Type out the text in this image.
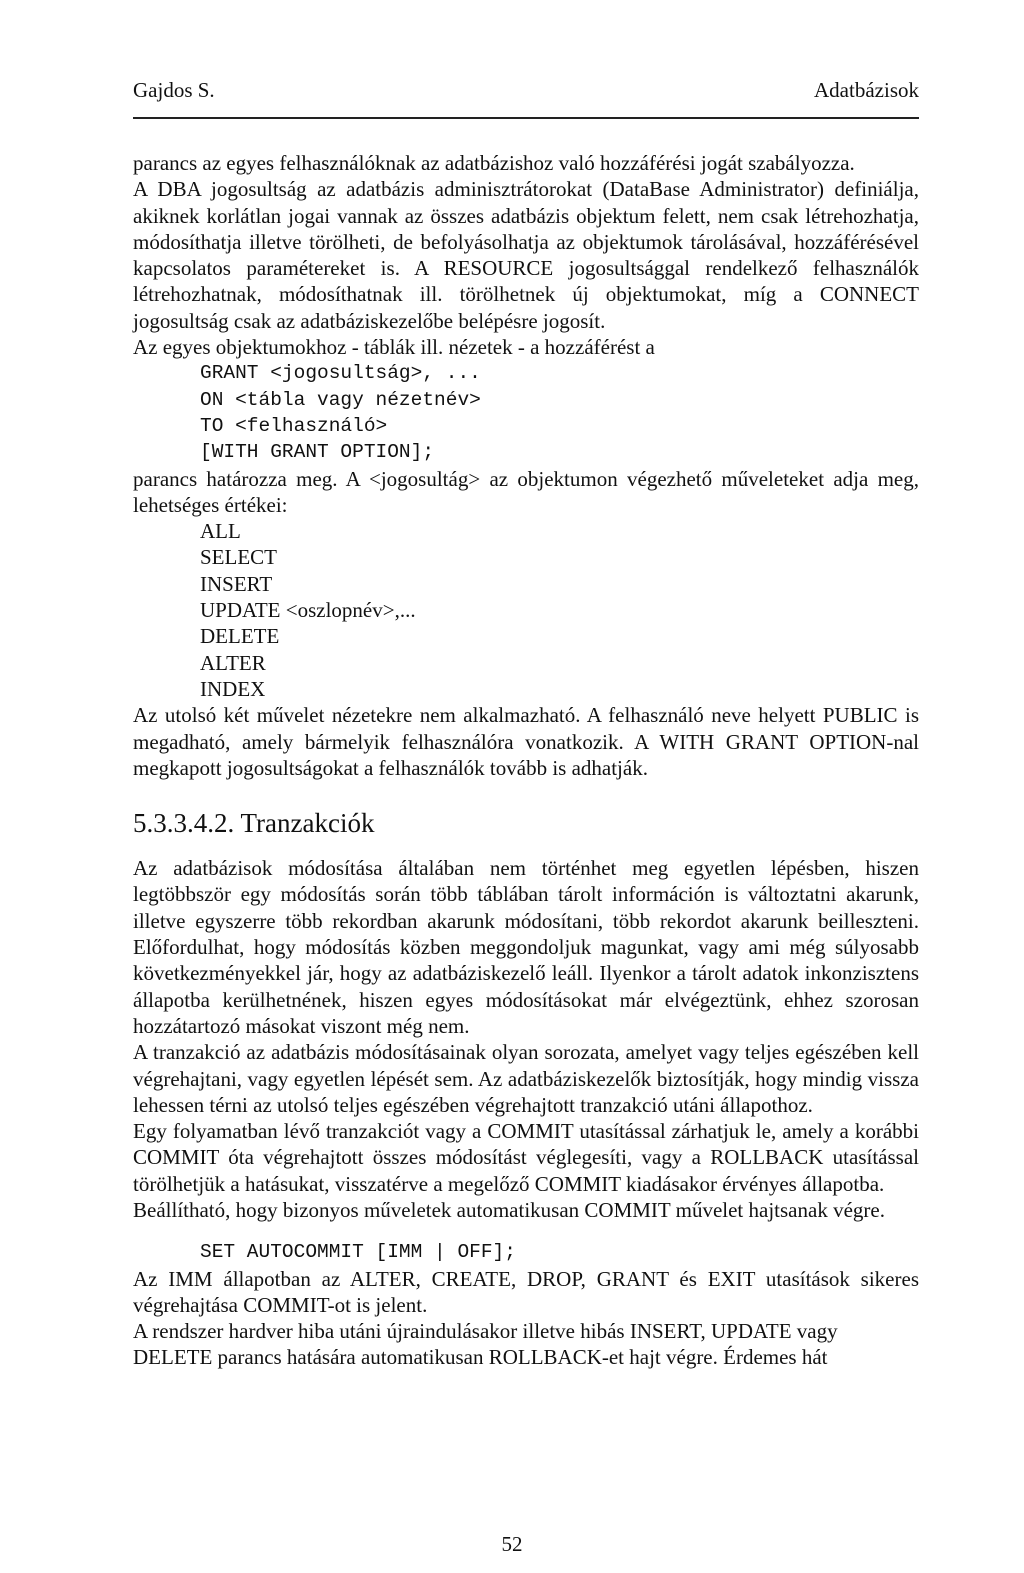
Gajdos S.	Adatbázisok

parancs az egyes felhasználóknak az adatbázishoz való hozzáférési jogát szabályozza.

A DBA jogosultság az adatbázis adminisztrátorokat (DataBase Administrator) definiálja, akiknek korlátlan jogai vannak az összes adatbázis objektum felett, nem csak létrehozhatja, módosíthatja illetve törölheti, de befolyásolhatja az objektumok tárolásával, hozzáférésével kapcsolatos paramétereket is. A RESOURCE jogosultsággal rendelkező felhasználók létrehozhatnak, módosíthatnak ill. törölhetnek új objektumokat, míg a CONNECT jogosultság csak az adatbáziskezelőbe belépésre jogosít.

Az egyes objektumokhoz - táblák ill. nézetek - a hozzáférést a

GRANT <jogosultság>, ...
ON <tábla vagy nézetnév>
TO <felhasználó>
[WITH GRANT OPTION];

parancs határozza meg. A <jogosultág> az objektumon végezhető műveleteket adja meg, lehetséges értékei:

ALL
SELECT
INSERT
UPDATE <oszlopnév>,...
DELETE
ALTER
INDEX

Az utolsó két művelet nézetekre nem alkalmazható. A felhasználó neve helyett PUBLIC is megadható, amely bármelyik felhasználóra vonatkozik. A WITH GRANT OPTION-nal megkapott jogosultságokat a felhasználók tovább is adhatják.

5.3.3.4.2. Tranzakciók

Az adatbázisok módosítása általában nem történhet meg egyetlen lépésben, hiszen legtöbbször egy módosítás során több táblában tárolt információn is változtatni akarunk, illetve egyszerre több rekordban akarunk módosítani, több rekordot akarunk beilleszteni. Előfordulhat, hogy módosítás közben meggondoljuk magunkat, vagy ami még súlyosabb következményekkel jár, hogy az adatbáziskezelő leáll. Ilyenkor a tárolt adatok inkonzisztens állapotba kerülhetnének, hiszen egyes módosításokat már elvégeztünk, ehhez szorosan hozzátartozó másokat viszont még nem.

A tranzakció az adatbázis módosításainak olyan sorozata, amelyet vagy teljes egészében kell végrehajtani, vagy egyetlen lépését sem. Az adatbáziskezelők biztosítják, hogy mindig vissza lehessen térni az utolsó teljes egészében végrehajtott tranzakció utáni állapothoz.

Egy folyamatban lévő tranzakciót vagy a COMMIT utasítással zárhatjuk le, amely a korábbi COMMIT óta végrehajtott összes módosítást véglegesíti, vagy a ROLLBACK utasítással törölhetjük a hatásukat, visszatérve a megelőző COMMIT kiadásakor érvényes állapotba.

Beállítható, hogy bizonyos műveletek automatikusan COMMIT művelet hajtsanak végre.

SET AUTOCOMMIT [IMM | OFF];

Az IMM állapotban az ALTER, CREATE, DROP, GRANT és EXIT utasítások sikeres végrehajtása COMMIT-ot is jelent.

A rendszer hardver hiba utáni újraindulásakor illetve hibás INSERT, UPDATE vagy DELETE parancs hatására automatikusan ROLLBACK-et hajt végre. Érdemes hát

52
